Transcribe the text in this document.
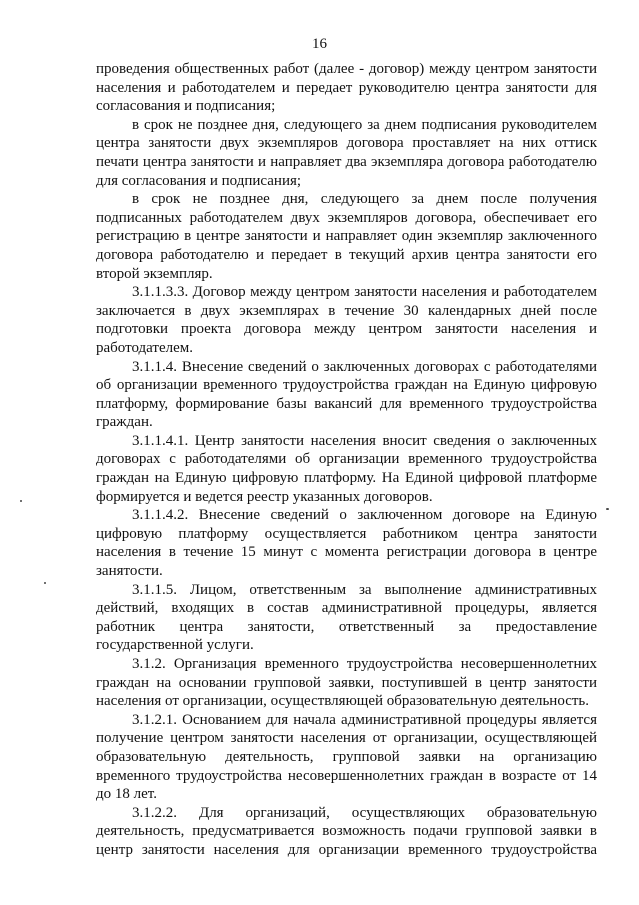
16

проведения общественных работ (далее - договор) между центром занятости населения и работодателем и передает руководителю центра занятости для согласования и подписания;

в срок не позднее дня, следующего за днем подписания руководителем центра занятости двух экземпляров договора проставляет на них оттиск печати центра занятости и направляет два экземпляра договора работодателю для согласования и подписания;

в срок не позднее дня, следующего за днем после получения подписанных работодателем двух экземпляров договора, обеспечивает его регистрацию в центре занятости и направляет один экземпляр заключенного договора работодателю и передает в текущий архив центра занятости его второй экземпляр.

3.1.1.3.3. Договор между центром занятости населения и работодателем заключается в двух экземплярах в течение 30 календарных дней после подготовки проекта договора между центром занятости населения и работодателем.

3.1.1.4. Внесение сведений о заключенных договорах с работодателями об организации временного трудоустройства граждан на Единую цифровую платформу, формирование базы вакансий для временного трудоустройства граждан.

3.1.1.4.1. Центр занятости населения вносит сведения о заключенных договорах с работодателями об организации временного трудоустройства граждан на Единую цифровую платформу. На Единой цифровой платформе формируется и ведется реестр указанных договоров.

3.1.1.4.2. Внесение сведений о заключенном договоре на Единую цифровую платформу осуществляется работником центра занятости населения в течение 15 минут с момента регистрации договора в центре занятости.

3.1.1.5. Лицом, ответственным за выполнение административных действий, входящих в состав административной процедуры, является работник центра занятости, ответственный за предоставление государственной услуги.

3.1.2. Организация временного трудоустройства несовершеннолетних граждан на основании групповой заявки, поступившей в центр занятости населения от организации, осуществляющей образовательную деятельность.

3.1.2.1. Основанием для начала административной процедуры является получение центром занятости населения от организации, осуществляющей образовательную деятельность, групповой заявки на организацию временного трудоустройства несовершеннолетних граждан в возрасте от 14 до 18 лет.

3.1.2.2. Для организаций, осуществляющих образовательную деятельность, предусматривается возможность подачи групповой заявки в центр занятости населения для организации временного трудоустройства
